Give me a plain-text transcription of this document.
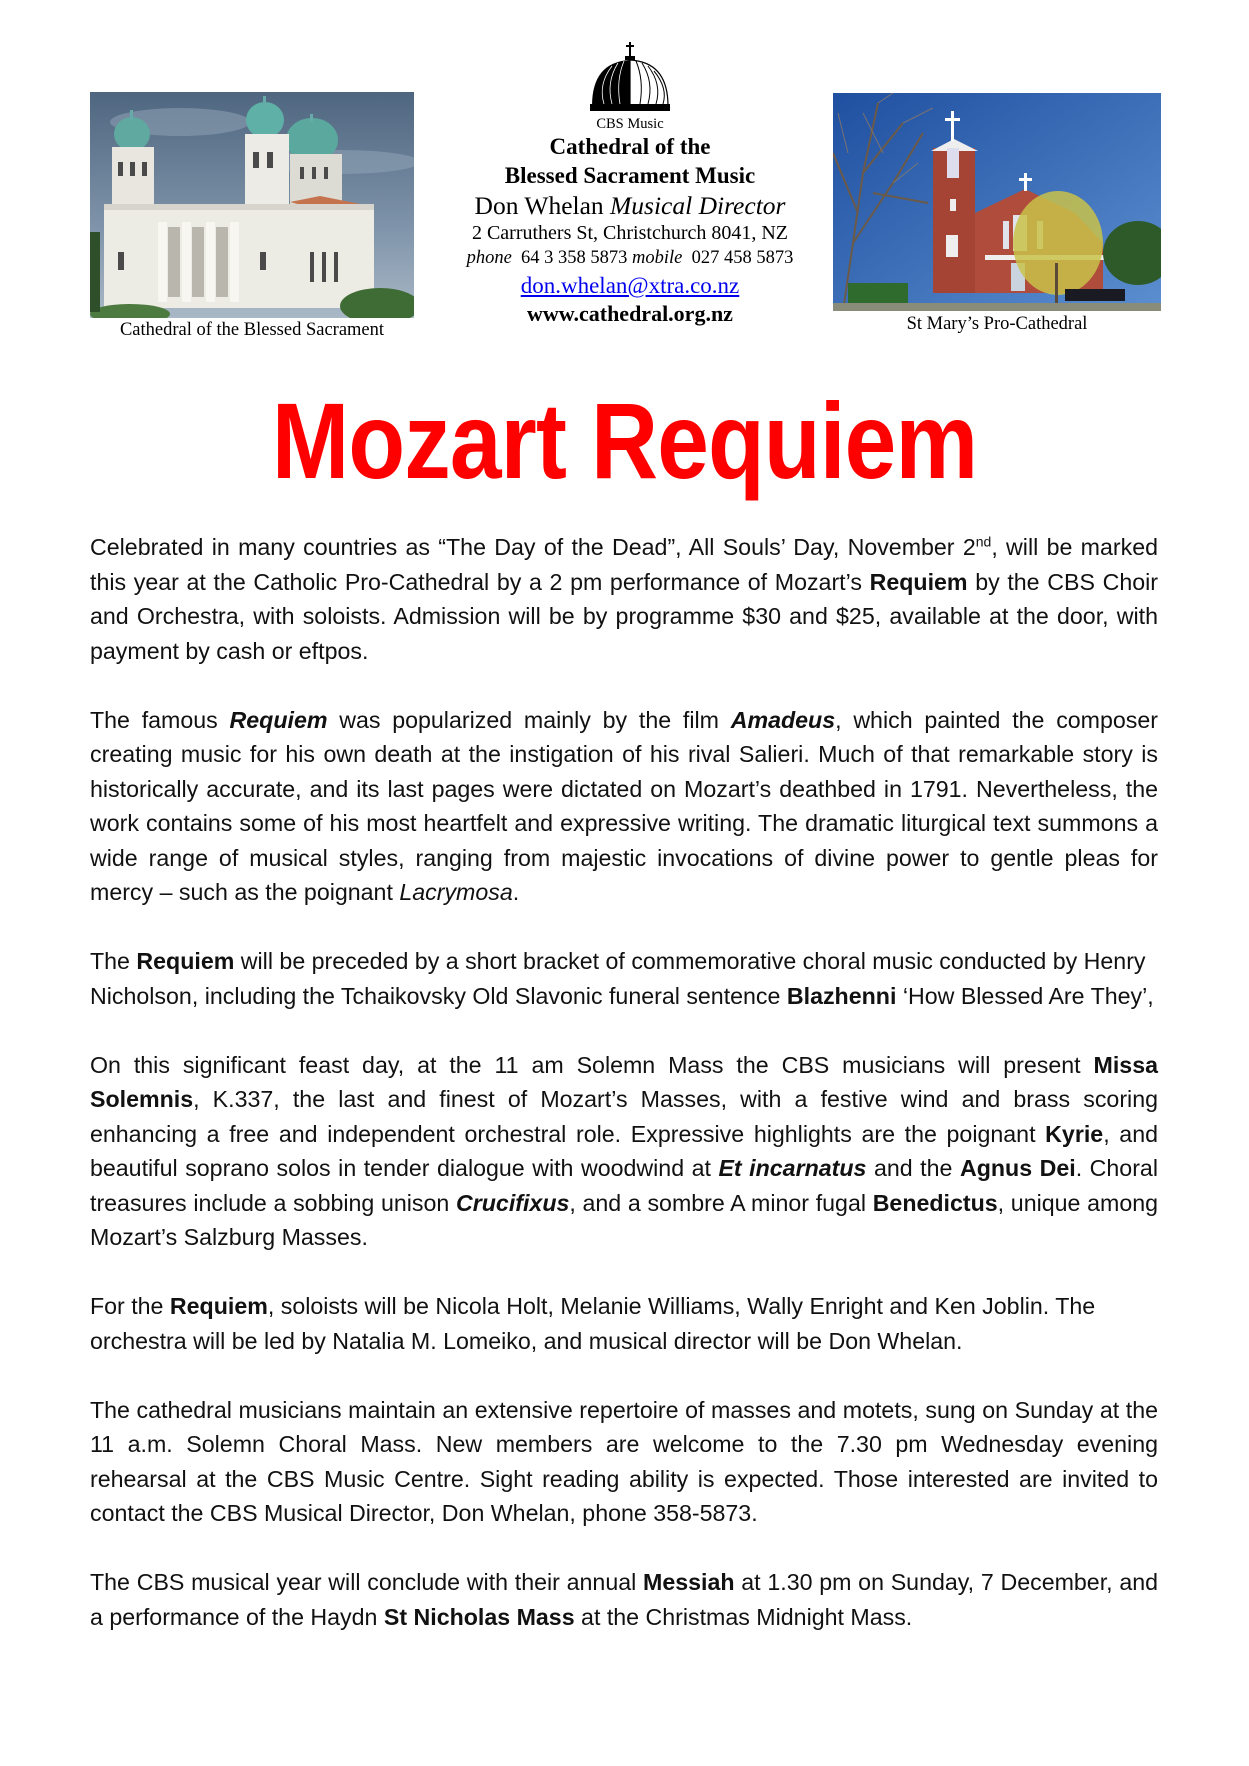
Cathedral of the Blessed Sacrament
CBS Music
Cathedral of the
Blessed Sacrament Music
Don Whelan Musical Director
2 Carruthers St, Christchurch 8041, NZ
phone 64 3 358 5873 mobile 027 458 5873
don.whelan@xtra.co.nz
www.cathedral.org.nz	St Mary’s Pro-Cathedral
Mozart Requiem

Celebrated in many countries as “The Day of the Dead”, All Souls’ Day, November 2nd, will be marked this year at the Catholic Pro-Cathedral by a 2 pm performance of Mozart’s Requiem by the CBS Choir and Orchestra, with soloists. Admission will be by programme $30 and $25, available at the door, with payment by cash or eftpos.

The famous Requiem was popularized mainly by the film Amadeus, which painted the composer creating music for his own death at the instigation of his rival Salieri. Much of that remarkable story is historically accurate, and its last pages were dictated on Mozart’s deathbed in 1791. Nevertheless, the work contains some of his most heartfelt and expressive writing. The dramatic liturgical text summons a wide range of musical styles, ranging from majestic invocations of divine power to gentle pleas for mercy – such as the poignant Lacrymosa.

The Requiem will be preceded by a short bracket of commemorative choral music conducted by Henry Nicholson, including the Tchaikovsky Old Slavonic funeral sentence Blazhenni ‘How Blessed Are They’,

On this significant feast day, at the 11 am Solemn Mass the CBS musicians will present Missa Solemnis, K.337, the last and finest of Mozart’s Masses, with a festive wind and brass scoring enhancing a free and independent orchestral role. Expressive highlights are the poignant Kyrie, and beautiful soprano solos in tender dialogue with woodwind at Et incarnatus and the Agnus Dei. Choral treasures include a sobbing unison Crucifixus, and a sombre A minor fugal Benedictus, unique among Mozart’s Salzburg Masses.

For the Requiem, soloists will be Nicola Holt, Melanie Williams, Wally Enright and Ken Joblin. The orchestra will be led by Natalia M. Lomeiko, and musical director will be Don Whelan.

The cathedral musicians maintain an extensive repertoire of masses and motets, sung on Sunday at the 11 a.m. Solemn Choral Mass. New members are welcome to the 7.30 pm Wednesday evening rehearsal at the CBS Music Centre. Sight reading ability is expected. Those interested are invited to contact the CBS Musical Director, Don Whelan, phone 358-5873.

The CBS musical year will conclude with their annual Messiah at 1.30 pm on Sunday, 7 December, and a performance of the Haydn St Nicholas Mass at the Christmas Midnight Mass.
